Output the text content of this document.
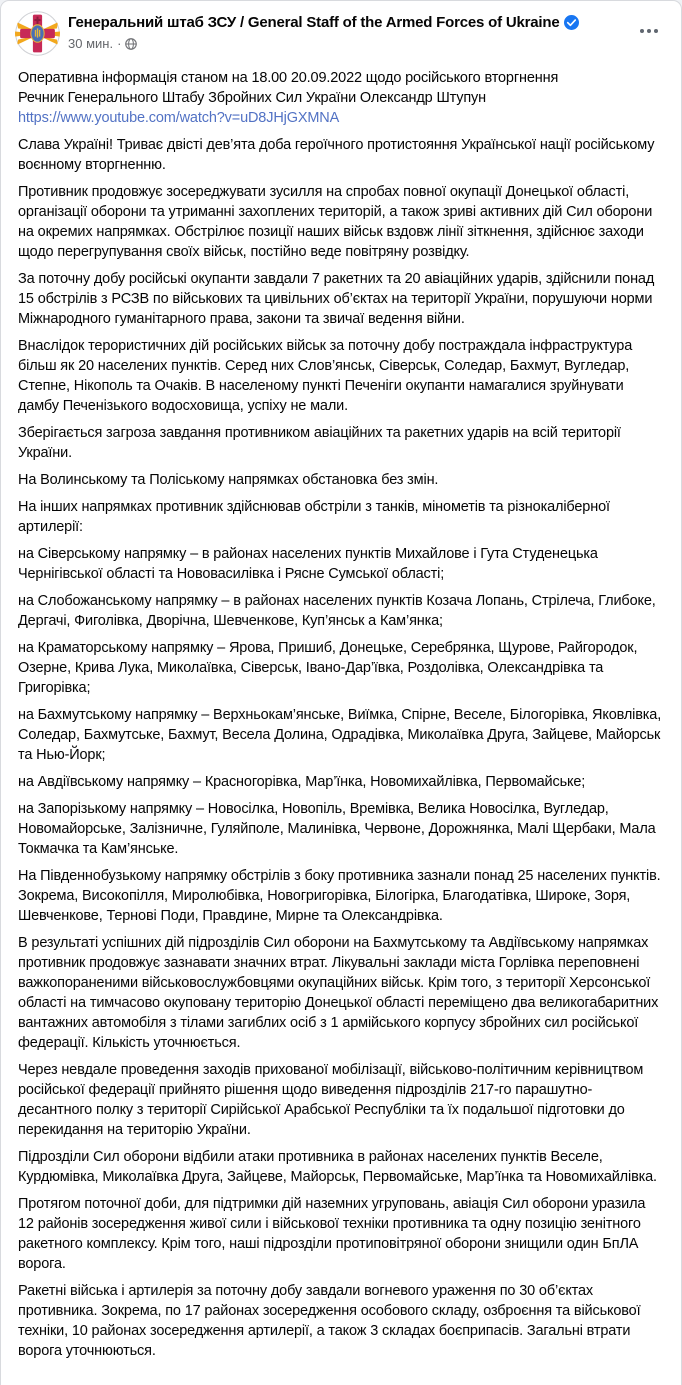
Генеральний штаб ЗСУ / General Staff of the Armed Forces of Ukraine
30 мин. ·
Оперативна інформація станом на 18.00 20.09.2022 щодо російського вторгнення
Речник Генерального Штабу Збройних Сил України Олександр Штупун
https://www.youtube.com/watch?v=uD8JHjGXMNA

Слава Україні! Триває двісті дев’ята доба героїчного протистояння Української нації російському воєнному вторгненню.

Противник продовжує зосереджувати зусилля на спробах повної окупації Донецької області, організації оборони та утриманні захоплених територій, а також зриві активних дій Сил оборони на окремих напрямках. Обстрілює позиції наших військ вздовж лінії зіткнення, здійснює заходи щодо перегрупування своїх військ, постійно веде повітряну розвідку.

За поточну добу російські окупанти завдали 7 ракетних та 20 авіаційних ударів, здійснили понад 15 обстрілів з РСЗВ по військових та цивільних об’єктах на території України, порушуючи норми Міжнародного гуманітарного права, закони та звичаї ведення війни.

Внаслідок терористичних дій російських військ за поточну добу постраждала інфраструктура більш як 20 населених пунктів. Серед них Слов’янськ, Сіверськ, Соледар, Бахмут, Вугледар, Степне, Нікополь та Очаків. В населеному пункті Печеніги окупанти намагалися зруйнувати дамбу Печенізького водосховища, успіху не мали.

Зберігається загроза завдання противником авіаційних та ракетних ударів на всій території України.

На Волинському та Поліському напрямках обстановка без змін.

На інших напрямках противник здійснював обстріли з танків, мінометів та різнокаліберної артилерії:

на Сіверському напрямку – в районах населених пунктів Михайлове і Гута Студенецька Чернігівської області та Нововасилівка і Рясне Сумської області;

на Слобожанському напрямку – в районах населених пунктів Козача Лопань, Стрілеча, Глибоке, Дергачі, Фиголівка, Дворічна, Шевченкове, Куп’янськ а Кам’янка;

на Краматорському напрямку – Ярова, Пришиб, Донецьке, Серебрянка, Щурове, Райгородок, Озерне, Крива Лука, Миколаївка, Сіверськ, Івано-Дар’ївка, Роздолівка, Олександрівка та Григорівка;

на Бахмутському напрямку – Верхньокам’янське, Виїмка, Спірне, Веселе, Білогорівка, Яковлівка, Соледар, Бахмутське, Бахмут, Весела Долина, Одрадівка, Миколаївка Друга, Зайцеве, Майорськ та Нью-Йорк;

на Авдіївському напрямку – Красногорівка, Мар’їнка, Новомихайлівка, Первомайське;

на Запорізькому напрямку – Новосілка, Новопіль, Времівка, Велика Новосілка, Вугледар, Новомайорське, Залізничне, Гуляйполе, Малинівка, Червоне, Дорожнянка, Малі Щербаки, Мала Токмачка та Кам’янське.

На Південнобузькому напрямку обстрілів з боку противника зазнали понад 25 населених пунктів. Зокрема, Високопілля, Миролюбівка, Новогригорівка, Білогірка, Благодатівка, Широке, Зоря, Шевченкове, Тернові Поди, Правдине, Мирне та Олександрівка.

В результаті успішних дій підрозділів Сил оборони на Бахмутському та Авдіївському напрямках противник продовжує зазнавати значних втрат. Лікувальні заклади міста Горлівка переповнені важкопораненими військовослужбовцями окупаційних військ. Крім того, з території Херсонської області на тимчасово окуповану територію Донецької області переміщено два великогабаритних вантажних автомобіля з тілами загиблих осіб з 1 армійського корпусу збройних сил російської федерації. Кількість уточнюється.

Через невдале проведення заходів прихованої мобілізації, військово-політичним керівництвом російської федерації прийнято рішення щодо виведення підрозділів 217-го парашутно-десантного полку з території Сирійської Арабської Республіки та їх подальшої підготовки до перекидання на територію України.

Підрозділи Сил оборони відбили атаки противника в районах населених пунктів Веселе, Курдюмівка, Миколаївка Друга, Зайцеве, Майорськ, Первомайське, Мар’їнка та Новомихайлівка.

Протягом поточної доби, для підтримки дій наземних угруповань, авіація Сил оборони уразила 12 районів зосередження живої сили і військової техніки противника та одну позицію зенітного ракетного комплексу. Крім того, наші підрозділи протиповітряної оборони знищили один БпЛА ворога.

Ракетні війська і артилерія за поточну добу завдали вогневого ураження по 30 об’єктах противника. Зокрема, по 17 районах зосередження особового складу, озброєння та військової техніки, 10 районах зосередження артилерії, а також 3 складах боєприпасів. Загальні втрати ворога уточнюються.
